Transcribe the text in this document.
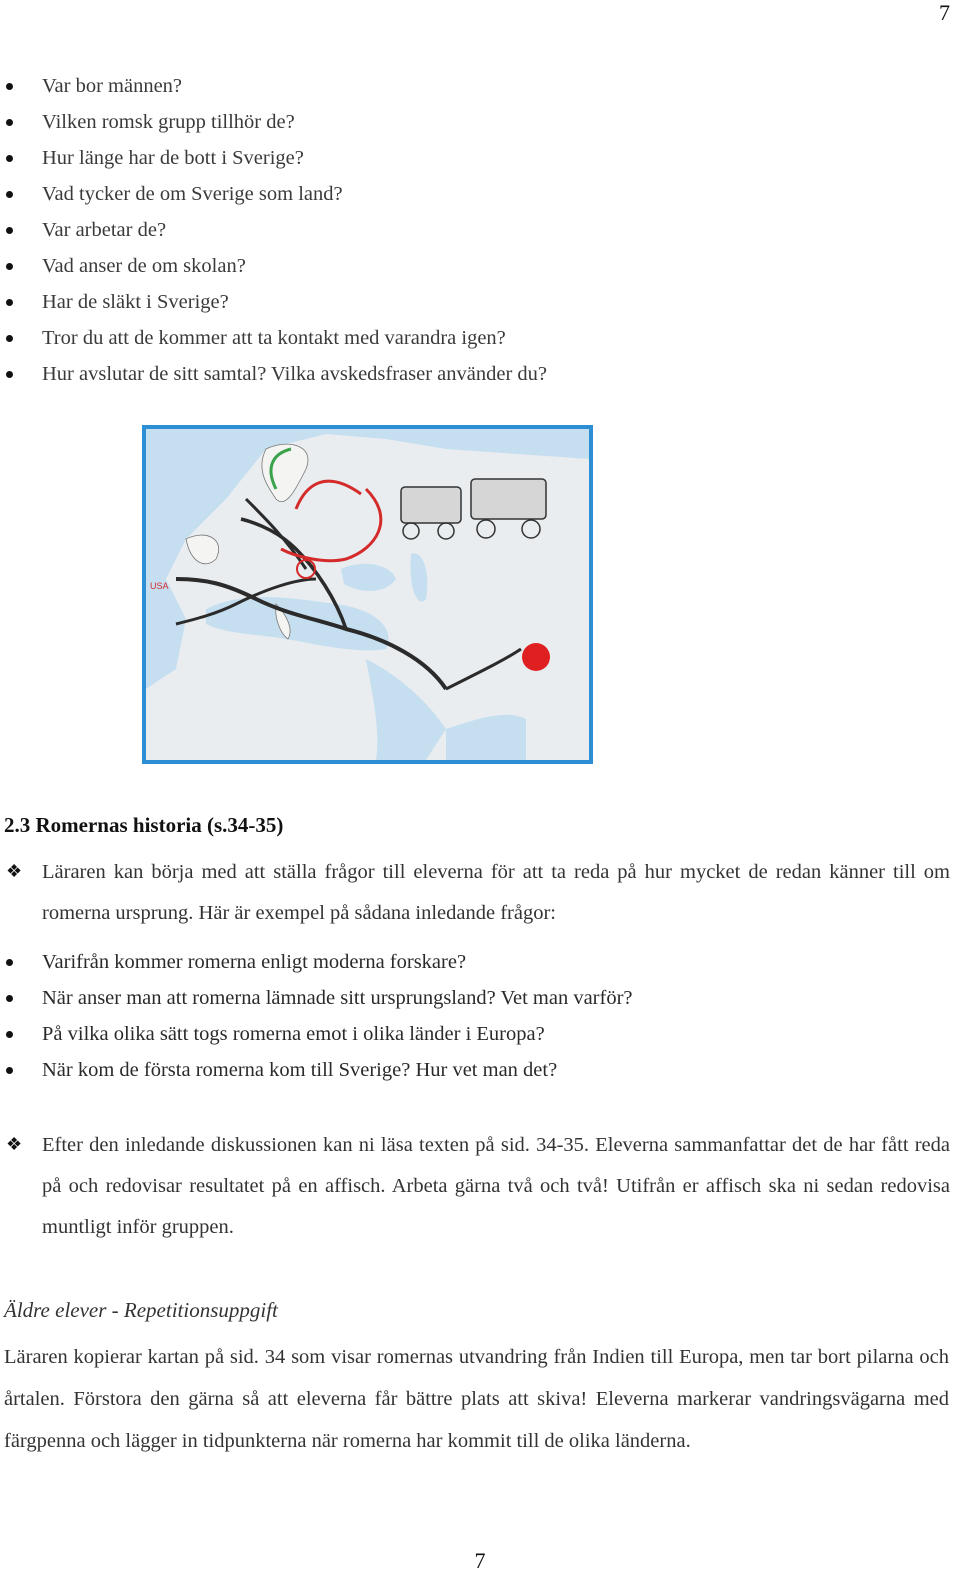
7
Var bor männen?
Vilken romsk grupp tillhör de?
Hur länge har de bott i Sverige?
Vad tycker de om Sverige som land?
Var arbetar de?
Vad anser de om skolan?
Har de släkt i Sverige?
Tror du att de kommer att ta kontakt med varandra igen?
Hur avslutar de sitt samtal? Vilka avskedsfraser använder du?
USA
2.3 Romernas historia (s.34-35)
❖ Läraren kan börja med att ställa frågor till eleverna för att ta reda på hur mycket de redan känner till om romerna ursprung. Här är exempel på sådana inledande frågor:
Varifrån kommer romerna enligt moderna forskare?
När anser man att romerna lämnade sitt ursprungsland? Vet man varför?
På vilka olika sätt togs romerna emot i olika länder i Europa?
När kom de första romerna kom till Sverige? Hur vet man det?
❖ Efter den inledande diskussionen kan ni läsa texten på sid. 34-35. Eleverna sammanfattar det de har fått reda på och redovisar resultatet på en affisch. Arbeta gärna två och två! Utifrån er affisch ska ni sedan redovisa muntligt inför gruppen.
Äldre elever - Repetitionsuppgift
Läraren kopierar kartan på sid. 34 som visar romernas utvandring från Indien till Europa, men tar bort pilarna och årtalen. Förstora den gärna så att eleverna får bättre plats att skiva! Eleverna markerar vandringsvägarna med färgpenna och lägger in tidpunkterna när romerna har kommit till de olika länderna.
7
